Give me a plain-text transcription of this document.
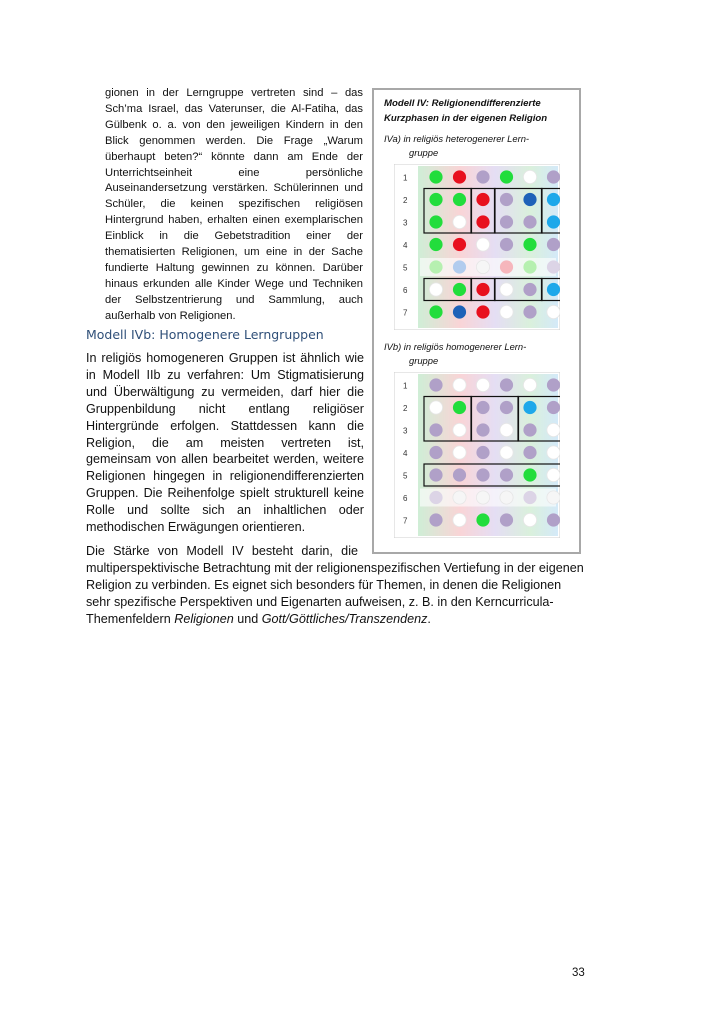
gionen in der Lerngruppe vertreten sind – das Sch’ma Israel, das Vaterunser, die Al-Fatiha, das Gülbenk o. a. von den jeweiligen Kindern in den Blick genommen werden. Die Frage „Warum überhaupt beten?“ könnte dann am Ende der Unterrichtseinheit eine persönliche Auseinandersetzung verstärken. Schülerinnen und Schüler, die keinen spezifischen religiösen Hintergrund haben, erhalten einen exemplarischen Einblick in die Gebetstradition einer der thematisierten Religionen, um eine in der Sache fundierte Haltung gewinnen zu können. Darüber hinaus erkunden alle Kinder Wege und Techniken der Selbstzentrierung und Sammlung, auch außerhalb von Religionen.

Modell IVb: Homogenere Lerngruppen

In religiös homogeneren Gruppen ist ähnlich wie in Modell IIb zu verfahren: Um Stigmatisierung und Überwältigung zu vermeiden, darf hier die Gruppenbildung nicht entlang religiöser Hintergründe erfolgen. Stattdessen kann die Religion, die am meisten vertreten ist, gemeinsam von allen bearbeitet werden, weitere Religionen hingegen in religionendifferenzierten Gruppen. Die Reihenfolge spielt strukturell keine Rolle und sollte sich an inhaltlichen oder methodischen Erwägungen orientieren.

Die Stärke von Modell IV besteht darin, die
multiperspektivische Betrachtung mit der religionenspezifischen Vertiefung in der eigenen Religion zu verbinden. Es eignet sich besonders für Themen, in denen die Religionen sehr spezifische Perspektiven und Eigenarten aufweisen, z. B. in den Kerncurricula-Themenfeldern Religionen und Gott/Göttliches/Transzendenz.

Modell IV: Religionendifferenzierte Kurzphasen in der eigenen Religion

IVa) in religiös heterogenerer Lern-
gruppe

1
2
3
4
5
6
7

IVb) in religiös homogenerer Lern-
gruppe

1
2
3
4
5
6
7
33
